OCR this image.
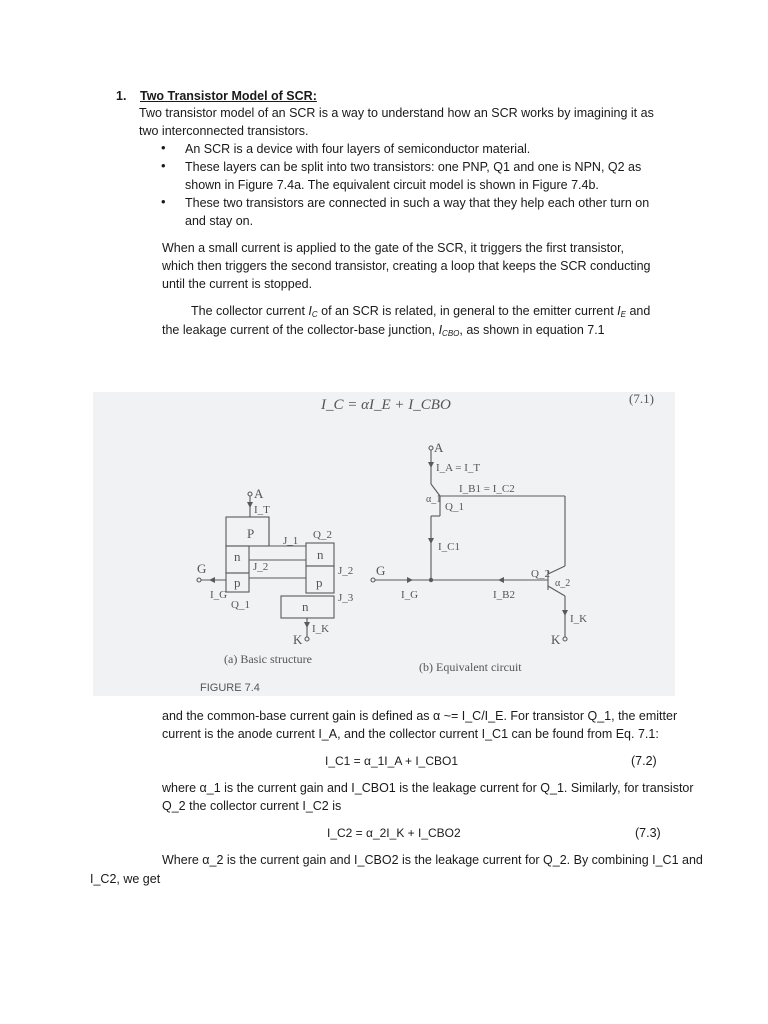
1. Two Transistor Model of SCR:

Two transistor model of an SCR is a way to understand how an SCR works by imagining it as

two interconnected transistors.

• An SCR is a device with four layers of semiconductor material.

• These layers can be split into two transistors: one PNP, Q1 and one is NPN, Q2 as

shown in Figure 7.4a. The equivalent circuit model is shown in Figure 7.4b.

• These two transistors are connected in such a way that they help each other turn on

and stay on.

When a small current is applied to the gate of the SCR, it triggers the first transistor,

which then triggers the second transistor, creating a loop that keeps the SCR conducting

until the current is stopped.

The collector current $I_C$ of an SCR is related, in general to the emitter current $I_E$ and

the leakage current of the collector-base junction, $I_{CBO}$, as shown in equation 7.1

I_C = αI_E + I_CBO	(7.1)
A
I_T
P
n
p
n
p
n
J_1
J_2	J_2
J_3
Q_2
Q_1
G
I_G
K
I_K
(a) Basic structure
A
I_A = I_T
I_B1 = I_C2
α_1
Q_1
I_C1
G
I_G	I_B2
Q_2
α_2
I_K
K
(b) Equivalent circuit
FIGURE 7.4

and the common-base current gain is defined as α ~= I_C/I_E. For transistor Q_1, the emitter

current is the anode current I_A, and the collector current I_C1 can be found from Eq. 7.1:

I_C1 = α_1I_A + I_CBO1	(7.2)

where α_1 is the current gain and I_CBO1 is the leakage current for Q_1. Similarly, for transistor

Q_2 the collector current I_C2 is

I_C2 = α_2I_K + I_CBO2	(7.3)

Where α_2 is the current gain and I_CBO2 is the leakage current for Q_2. By combining I_C1 and

I_C2, we get
